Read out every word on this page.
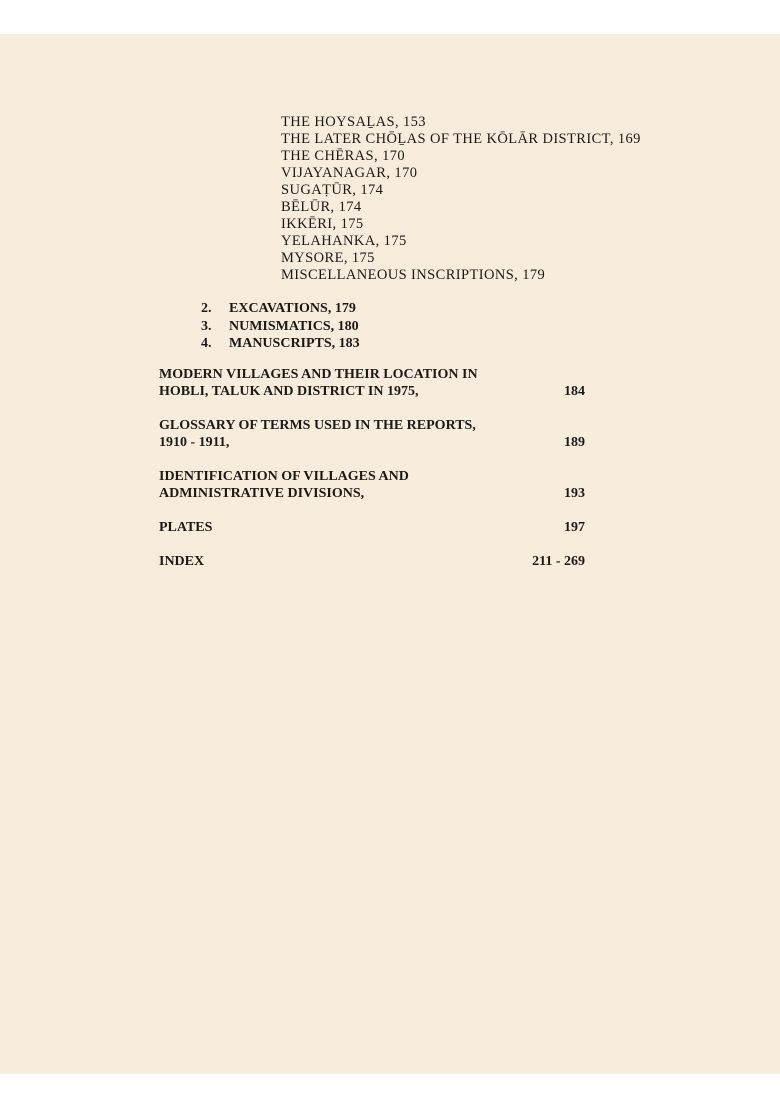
THE HOYSAḺAS, 153
THE LATER CHŌḺAS OF THE KŌLĀR DISTRICT, 169
THE CHĒRAS, 170
VIJAYANAGAR, 170
SUGAṬŪR, 174
BĒLŪR, 174
IKKĒRI, 175
YELAHANKA, 175
MYSORE, 175
MISCELLANEOUS INSCRIPTIONS, 179
2. EXCAVATIONS, 179
3. NUMISMATICS, 180
4. MANUSCRIPTS, 183
MODERN VILLAGES AND THEIR LOCATION IN
HOBLI, TALUK AND DISTRICT IN 1975,	184
GLOSSARY OF TERMS USED IN THE REPORTS,
1910 - 1911,	189
IDENTIFICATION OF VILLAGES AND
ADMINISTRATIVE DIVISIONS,	193
PLATES	197
INDEX	211 - 269
